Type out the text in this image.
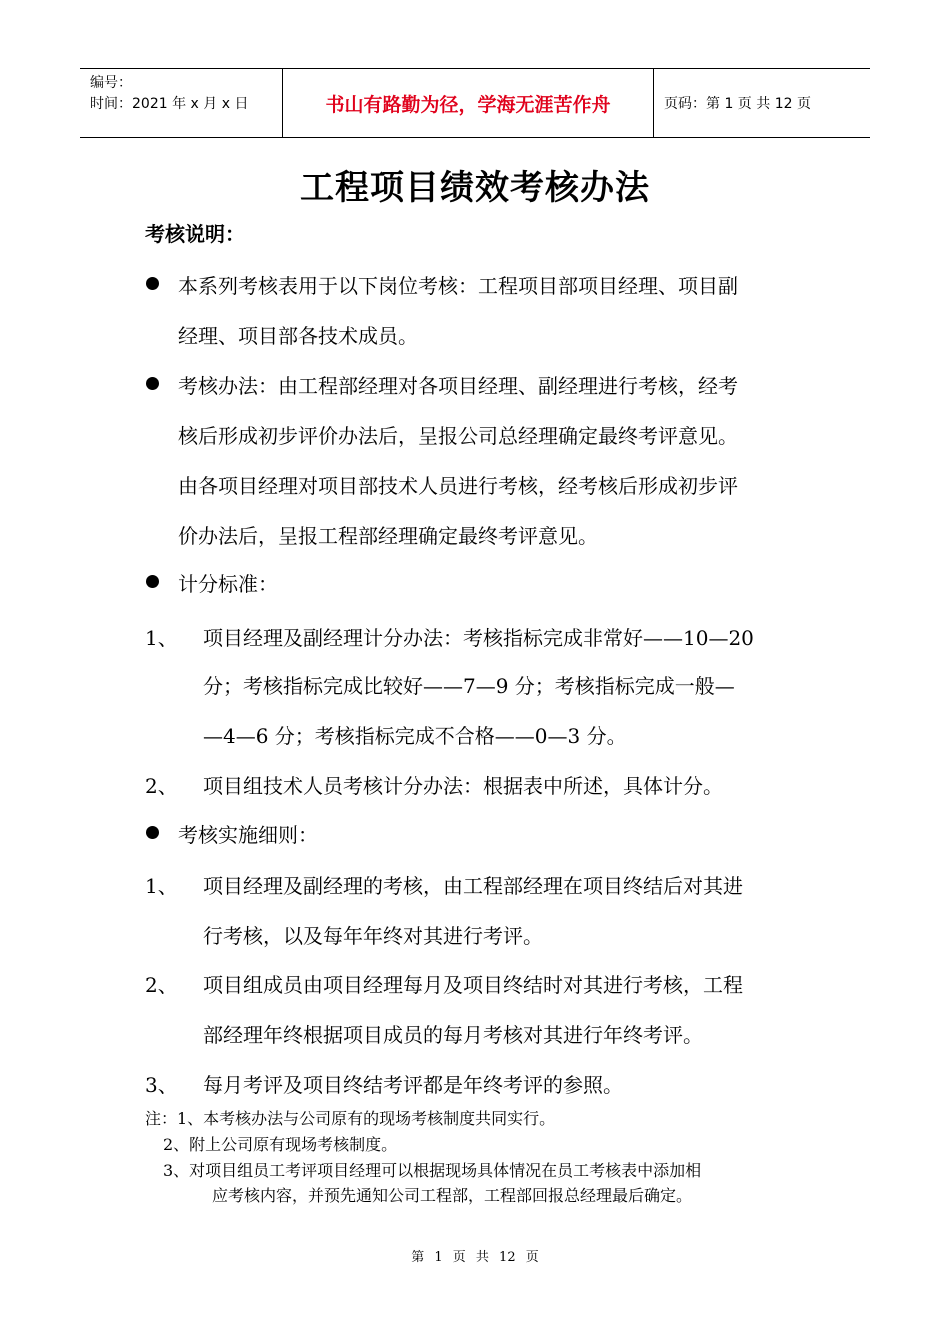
编号：
时间：2021 年 x 月 x 日	书山有路勤为径，学海无涯苦作舟	页码：第 1 页 共 12 页
工程项目绩效考核办法
考核说明：
本系列考核表用于以下岗位考核：工程项目部项目经理、项目副
经理、项目部各技术成员。
考核办法：由工程部经理对各项目经理、副经理进行考核，经考
核后形成初步评价办法后，呈报公司总经理确定最终考评意见。
由各项目经理对项目部技术人员进行考核，经考核后形成初步评
价办法后，呈报工程部经理确定最终考评意见。
计分标准：
1、 项目经理及副经理计分办法：考核指标完成非常好——10—20
分；考核指标完成比较好——7—9 分；考核指标完成一般—
—4—6 分；考核指标完成不合格——0—3 分。
2、 项目组技术人员考核计分办法：根据表中所述，具体计分。
考核实施细则：
1、 项目经理及副经理的考核，由工程部经理在项目终结后对其进
行考核，以及每年年终对其进行考评。
2、 项目组成员由项目经理每月及项目终结时对其进行考核，工程
部经理年终根据项目成员的每月考核对其进行年终考评。
3、 每月考评及项目终结考评都是年终考评的参照。
注：1、本考核办法与公司原有的现场考核制度共同实行。
2、附上公司原有现场考核制度。
3、对项目组员工考评项目经理可以根据现场具体情况在员工考核表中添加相
应考核内容，并预先通知公司工程部，工程部回报总经理最后确定。
第 1 页 共 12 页
